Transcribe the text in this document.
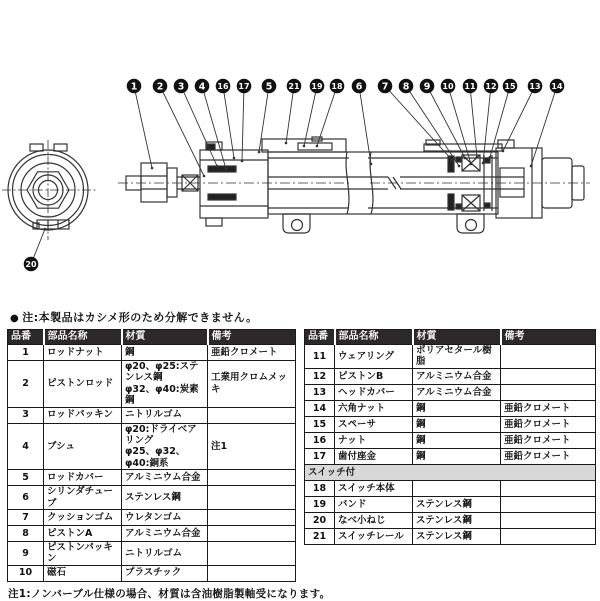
1 2 3 4 16 17 5 21 19 18 6 7 8 9 10 11 12 15 13 14
20
● 注:本製品はカシメ形のため分解できません。
品番	部品名称	材質	備考
1	ロッドナット	鋼	亜鉛クロメート
2	ピストンロッド	φ20、φ25:ステンレス鋼
φ32、φ40:炭素鋼	工業用クロムメッキ
3	ロッドパッキン	ニトリルゴム	
4	ブシュ	φ20:ドライベアリング
φ25、φ32、φ40:銅系	注1
5	ロッドカバー	アルミニウム合金	
6	シリンダチューブ	ステンレス鋼	
7	クッションゴム	ウレタンゴム	
8	ピストンA	アルミニウム合金	
9	ピストンパッキン	ニトリルゴム	
10	磁石	プラスチック	
品番	部品名称	材質	備考
11	ウェアリング	ポリアセタール樹脂	
12	ピストンB	アルミニウム合金	
13	ヘッドカバー	アルミニウム合金	
14	六角ナット	鋼	亜鉛クロメート
15	スペーサ	鋼	亜鉛クロメート
16	ナット	鋼	亜鉛クロメート
17	歯付座金	鋼	亜鉛クロメート
スイッチ付			
18	スイッチ本体		
19	バンド	ステンレス鋼	
20	なべ小ねじ	ステンレス鋼	
21	スイッチレール	ステンレス鋼	
注1:ノンバーブル仕様の場合、材質は含油樹脂製軸受になります。
